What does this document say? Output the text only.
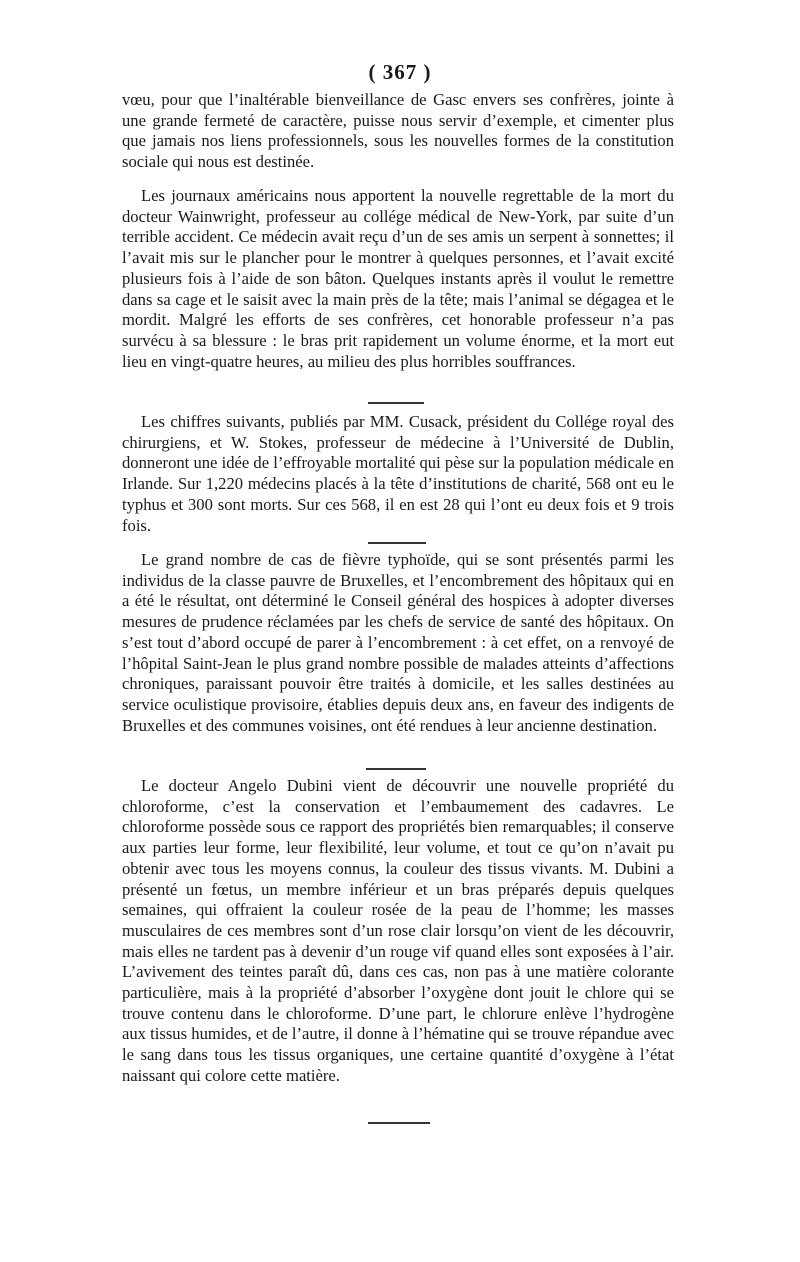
( 367 )

vœu, pour que l’inaltérable bienveillance de Gasc envers ses confrères, jointe à une grande fermeté de caractère, puisse nous servir d’exemple, et cimenter plus que jamais nos liens professionnels, sous les nouvelles formes de la constitution sociale qui nous est destinée.

Les journaux américains nous apportent la nouvelle regrettable de la mort du docteur Wainwright, professeur au collége médical de New-York, par suite d’un terrible accident. Ce médecin avait reçu d’un de ses amis un serpent à sonnettes; il l’avait mis sur le plancher pour le montrer à quelques personnes, et l’avait excité plusieurs fois à l’aide de son bâton. Quelques instants après il voulut le remettre dans sa cage et le saisit avec la main près de la tête; mais l’animal se dégagea et le mordit. Malgré les efforts de ses confrères, cet honorable professeur n’a pas survécu à sa blessure : le bras prit rapidement un volume énorme, et la mort eut lieu en vingt-quatre heures, au milieu des plus horribles souffrances.

Les chiffres suivants, publiés par MM. Cusack, président du Collége royal des chirurgiens, et W. Stokes, professeur de médecine à l’Université de Dublin, donneront une idée de l’effroyable mortalité qui pèse sur la population médicale en Irlande. Sur 1,220 médecins placés à la tête d’institutions de charité, 568 ont eu le typhus et 300 sont morts. Sur ces 568, il en est 28 qui l’ont eu deux fois et 9 trois fois.

Le grand nombre de cas de fièvre typhoïde, qui se sont présentés parmi les individus de la classe pauvre de Bruxelles, et l’encombrement des hôpitaux qui en a été le résultat, ont déterminé le Conseil général des hospices à adopter diverses mesures de prudence réclamées par les chefs de service de santé des hôpitaux. On s’est tout d’abord occupé de parer à l’encombrement : à cet effet, on a renvoyé de l’hôpital Saint-Jean le plus grand nombre possible de malades atteints d’affections chroniques, paraissant pouvoir être traités à domicile, et les salles destinées au service oculistique provisoire, établies depuis deux ans, en faveur des indigents de Bruxelles et des communes voisines, ont été rendues à leur ancienne destination.

Le docteur Angelo Dubini vient de découvrir une nouvelle propriété du chloroforme, c’est la conservation et l’embaumement des cadavres. Le chloroforme possède sous ce rapport des propriétés bien remarquables; il conserve aux parties leur forme, leur flexibilité, leur volume, et tout ce qu’on n’avait pu obtenir avec tous les moyens connus, la couleur des tissus vivants. M. Dubini a présenté un fœtus, un membre inférieur et un bras préparés depuis quelques semaines, qui offraient la couleur rosée de la peau de l’homme; les masses musculaires de ces membres sont d’un rose clair lorsqu’on vient de les découvrir, mais elles ne tardent pas à devenir d’un rouge vif quand elles sont exposées à l’air. L’avivement des teintes paraît dû, dans ces cas, non pas à une matière colorante particulière, mais à la propriété d’absorber l’oxygène dont jouit le chlore qui se trouve contenu dans le chloroforme. D’une part, le chlorure enlève l’hydrogène aux tissus humides, et de l’autre, il donne à l’hématine qui se trouve répandue avec le sang dans tous les tissus organiques, une certaine quantité d’oxygène à l’état naissant qui colore cette matière.
